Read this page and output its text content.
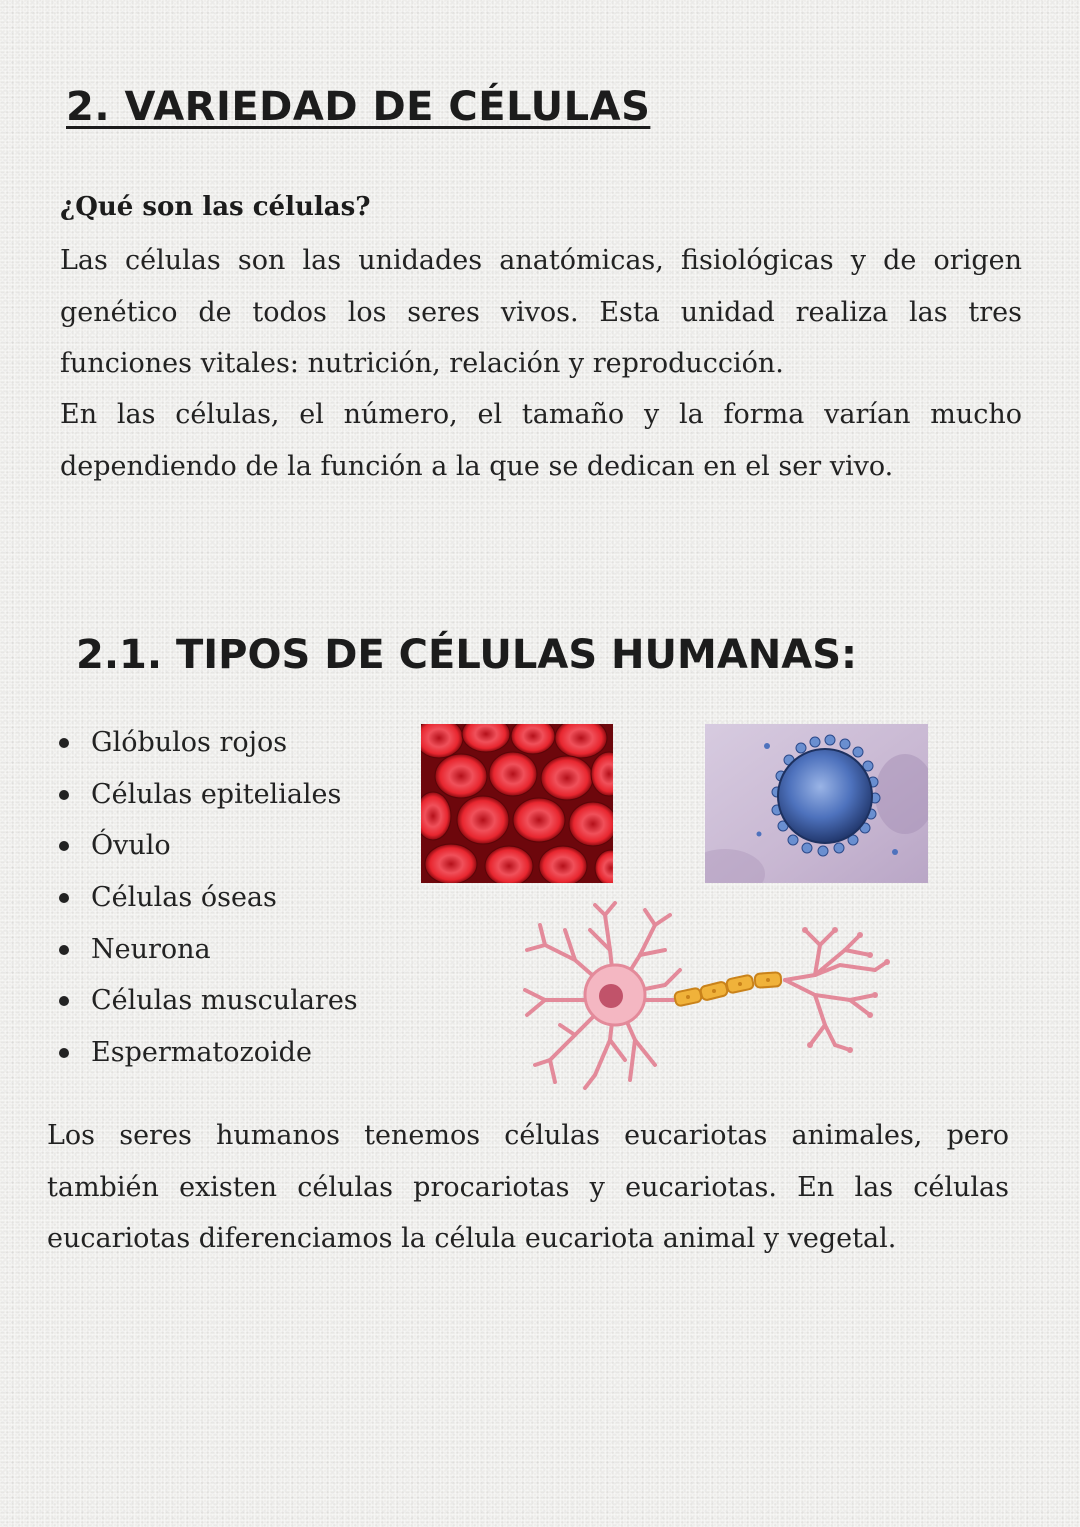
2. VARIEDAD DE CÉLULAS
¿Qué son las células?

Las células son las unidades anatómicas, fisiológicas y de origen genético de todos los seres vivos. Esta unidad realiza las tres funciones vitales: nutrición, relación y reproducción.

En las células, el número, el tamaño y la forma varían mucho dependiendo de la función a la que se dedican en el ser vivo.

2.1. TIPOS DE CÉLULAS HUMANAS:
Glóbulos rojos
Células epiteliales
Óvulo
Células óseas
Neurona
Células musculares
Espermatozoide

Los seres humanos tenemos células eucariotas animales, pero también existen células procariotas y eucariotas. En las células eucariotas diferenciamos la célula eucariota animal y vegetal.
